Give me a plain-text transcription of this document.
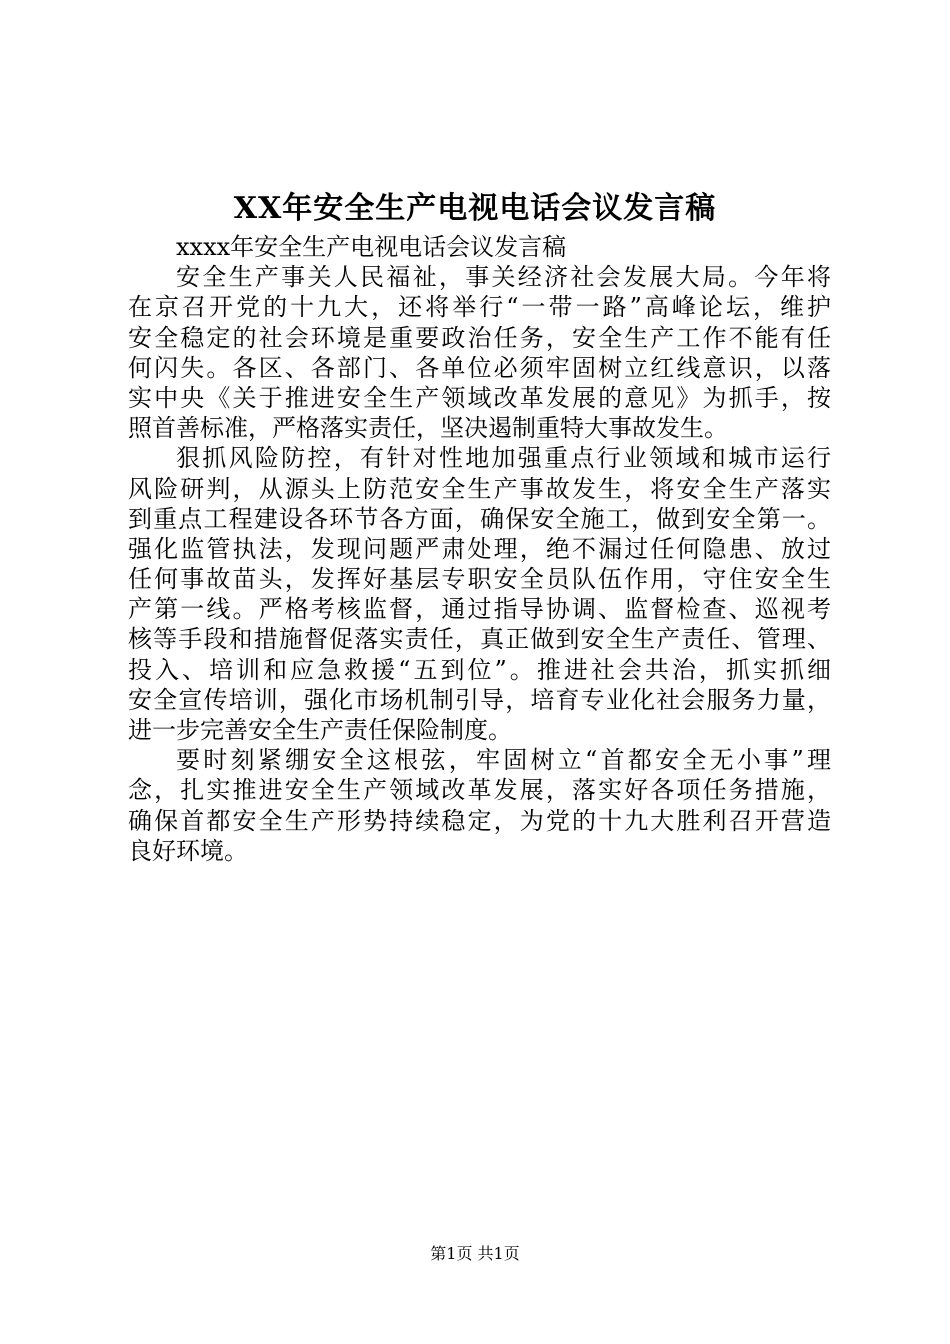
XX年安全生产电视电话会议发言稿
xxxx年安全生产电视电话会议发言稿
安全生产事关人民福祉，事关经济社会发展大局。今年将
在京召开党的十九大，还将举行“一带一路”高峰论坛，维护
安全稳定的社会环境是重要政治任务，安全生产工作不能有任
何闪失。各区、各部门、各单位必须牢固树立红线意识，以落
实中央《关于推进安全生产领域改革发展的意见》为抓手，按
照首善标准，严格落实责任，坚决遏制重特大事故发生。
狠抓风险防控，有针对性地加强重点行业领域和城市运行
风险研判，从源头上防范安全生产事故发生，将安全生产落实
到重点工程建设各环节各方面，确保安全施工，做到安全第一。
强化监管执法，发现问题严肃处理，绝不漏过任何隐患、放过
任何事故苗头，发挥好基层专职安全员队伍作用，守住安全生
产第一线。严格考核监督，通过指导协调、监督检查、巡视考
核等手段和措施督促落实责任，真正做到安全生产责任、管理、
投入、培训和应急救援“五到位”。推进社会共治，抓实抓细
安全宣传培训，强化市场机制引导，培育专业化社会服务力量，
进一步完善安全生产责任保险制度。
要时刻紧绷安全这根弦，牢固树立“首都安全无小事”理
念，扎实推进安全生产领域改革发展，落实好各项任务措施，
确保首都安全生产形势持续稳定，为党的十九大胜利召开营造
良好环境。
第1页 共1页
